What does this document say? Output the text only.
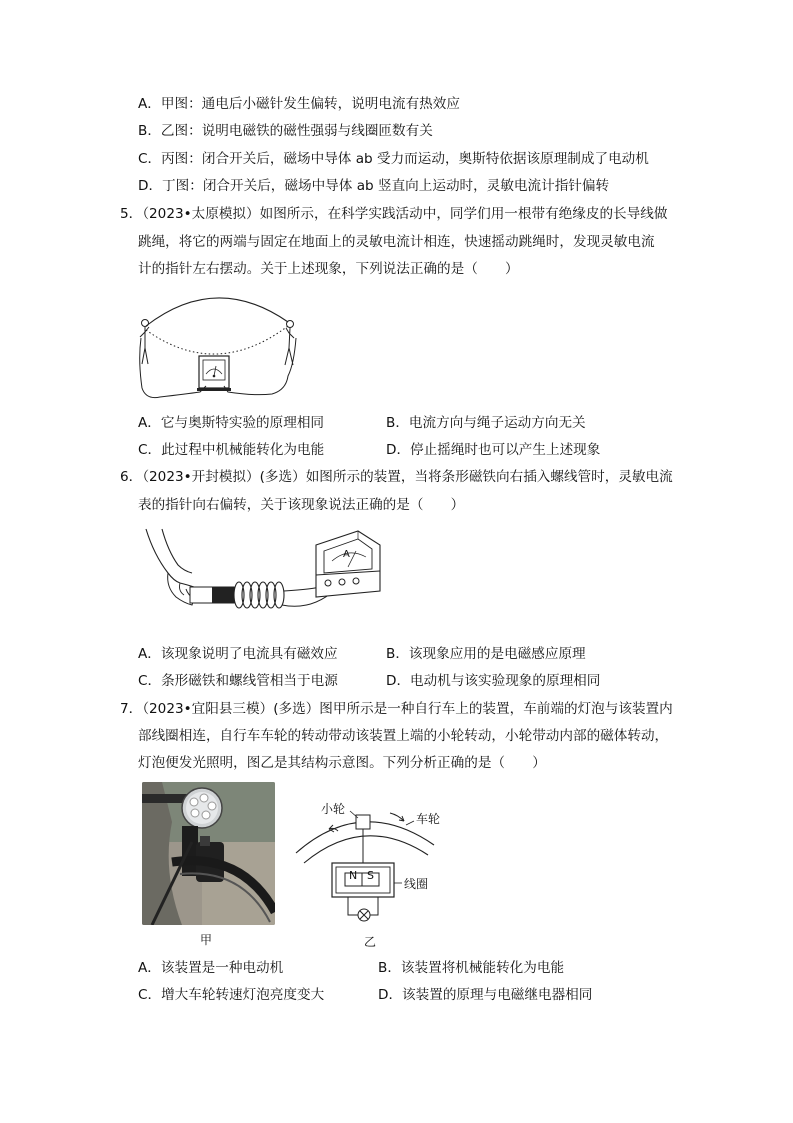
A．甲图：通电后小磁针发生偏转，说明电流有热效应
B．乙图：说明电磁铁的磁性强弱与线圈匝数有关
C．丙图：闭合开关后，磁场中导体 ab 受力而运动，奥斯特依据该原理制成了电动机
D．丁图：闭合开关后，磁场中导体 ab 竖直向上运动时，灵敏电流计指针偏转
5．（2023•太原模拟）如图所示，在科学实践活动中，同学们用一根带有绝缘皮的长导线做
跳绳，将它的两端与固定在地面上的灵敏电流计相连，快速摇动跳绳时，发现灵敏电流
计的指针左右摆动。关于上述现象，下列说法正确的是（　　）
A．它与奥斯特实验的原理相同	B．电流方向与绳子运动方向无关
C．此过程中机械能转化为电能	D．停止摇绳时也可以产生上述现象
6．（2023•开封模拟）(多选）如图所示的装置，当将条形磁铁向右插入螺线管时，灵敏电流
表的指针向右偏转，关于该现象说法正确的是（　　）
A
A．该现象说明了电流具有磁效应	B．该现象应用的是电磁感应原理
C．条形磁铁和螺线管相当于电源	D．电动机与该实验现象的原理相同
7．（2023•宜阳县三模）(多选）图甲所示是一种自行车上的装置，车前端的灯泡与该装置内
部线圈相连，自行车车轮的转动带动该装置上端的小轮转动，小轮带动内部的磁体转动，
灯泡便发光照明，图乙是其结构示意图。下列分析正确的是（　　）
小轮
车轮
线圈
N S
甲	乙
A．该装置是一种电动机	B．该装置将机械能转化为电能
C．增大车轮转速灯泡亮度变大	D．该装置的原理与电磁继电器相同
